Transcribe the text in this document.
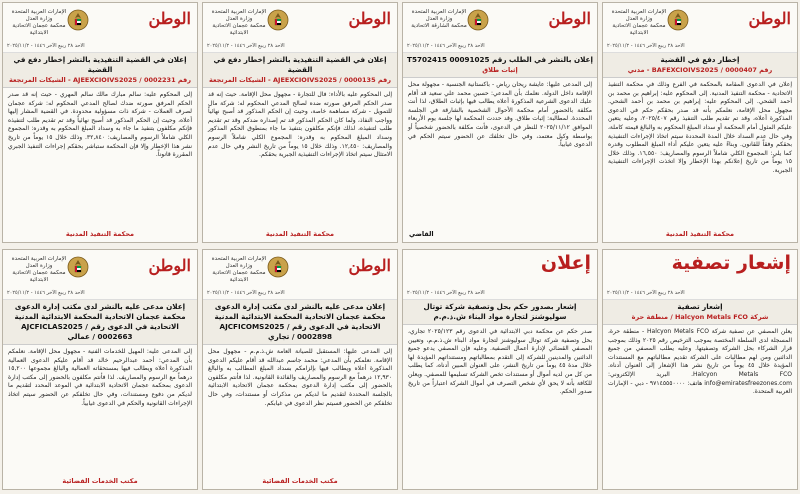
الوطن
الإمارات العربية المتحدة
وزارة العدل
محكمة عجمان الاتحادية الابتدائية
الاحد ٢٨ ربيع الآخر ١٤٤٦ - ٢٠٢٥/١١/٢
إخطار دفع في القضية
رقم BAFEXCIOIVS2025 / 0000407 - مدني

إعلان في الدعوى المقامة بالمحكمة في الفرع وذلك في محكمة التنفيذ الاتحادية - محكمة التنفيذ المدنية. إلى المحكوم عليه: إبراهيم بن محمد بن أحمد الشحي. إلى المحكوم عليه: إبراهيم بن محمد بن أحمد الشحي. مجهول محل الإقامة، نعلمكم بأنه قد صدر بحقكم حكم في الدعوى المذكورة أعلاه، وقد تم تقديم طلب التنفيذ رقم ٢٠٢٥/٤٠٧، وعليه يتعين عليكم المثول أمام المحكمة أو سداد المبلغ المحكوم به والبالغ قيمته كاملة، وفي حال عدم السداد خلال المدة المحددة سيتم اتخاذ الإجراءات التنفيذية بحقكم وفقاً للقانون. وبناءً عليه يتعين عليكم أداء المبلغ المطلوب وقدره كما يلي: المجموع الكلي شاملاً الرسوم والمصاريف: ١٦,٥٥٠. وذلك خلال ١٥ يوماً من تاريخ إعلانكم بهذا الإخطار وإلا اتخذت الإجراءات التنفيذية الجبرية.

محكمة التنفيذ المدنية
الوطن
الإمارات العربية المتحدة
وزارة العدل
محكمة الشارقة الاتحادية
الاحد ٢٨ ربيع الآخر ١٤٤٦ - ٢٠٢٥/١١/٢
إعلان بالنشر في الطلب رقم T5702415 00091025
إثبات طلاق

إلى المدعى عليها: عايشة ريحان رياض - باكستانية الجنسية - مجهولة محل الإقامة داخل الدولة. نعلمك بأن المدعي: حسين محمد علي سعيد قد أقام عليك الدعوى الشرعية المذكورة أعلاه يطالب فيها بإثبات الطلاق، لذا أنت مكلفة بالحضور أمام محكمة الأحوال الشخصية بالشارقة في الجلسة المحددة. لمطالبة: إثبات طلاق. وقد حددت المحكمة لها جلسة يوم الأربعاء الموافق ٢٠٢٥/١١/١٢ للنظر في الدعوى، فأنت مكلفة بالحضور شخصياً أو بواسطة وكيل معتمد، وفي حال تخلفك عن الحضور سيتم الحكم في الدعوى غيابياً.

القاضي
الوطن
الإمارات العربية المتحدة
وزارة العدل
محكمة عجمان الاتحادية الابتدائية
الاحد ٢٨ ربيع الآخر ١٤٤٦ - ٢٠٢٥/١١/٢
إعلان في القضية التنفيذية بالنشر إخطار دفع في القضية
رقم AJEEXCIOIVS2025 / 0000135 - الشيكات المرتجعة

إلى المحكوم عليه بالأداء: فال للتجارة - مجهول محل الإقامة. حيث إنه قد صدر الحكم المرفق صورته ضده لصالح المدعي المحكوم له: شركة مال للتمويل - شركة مساهمة خاصة، وحيث إن الحكم المذكور قد أصبح نهائياً وواجب النفاذ، ولما كان الحكم المذكور قد تم إصداره ضدكم وقد تم تقديم طلب لتنفيذه، لذلك فإنكم مكلفون بتنفيذ ما جاء بمنطوق الحكم المذكور وسداد المبلغ المحكوم به وقدره: المجموع الكلي شاملاً الرسوم والمصاريف: ١٢,٤٥٠. وذلك خلال ١٥ يوماً من تاريخ النشر وفي حال عدم الامتثال سيتم اتخاذ الإجراءات التنفيذية الجبرية بحقكم.

محكمة التنفيذ المدنية
الوطن
الإمارات العربية المتحدة
وزارة العدل
محكمة عجمان الاتحادية الابتدائية
الاحد ٢٨ ربيع الآخر ١٤٤٦ - ٢٠٢٥/١١/٢
إعلان في القضية التنفيذية بالنشر إخطار دفع في القضية
رقم AJEEXCIOIVS2025 / 0002231 - الشيكات المرتجعة

إلى المحكوم عليه: سالم مبارك مالك سالم المهري - حيث إنه قد صدر الحكم المرفق صورته ضدك لصالح المدعي المحكوم له: شركة عجمان لصرف العملات - شركة ذات مسؤولية محدودة. في القضية المشار إليها أعلاه، وحيث إن الحكم المذكور قد أصبح نهائياً وقد تم تقديم طلب لتنفيذه فإنكم مكلفون بتنفيذ ما جاء به وسداد المبلغ المحكوم به وقدره: المجموع الكلي شاملاً الرسوم والمصاريف: ٣٢,٨٤٠. وذلك خلال ١٥ يوماً من تاريخ نشر هذا الإخطار وإلا فإن المحكمة ستباشر بحقكم إجراءات التنفيذ الجبري المقررة قانوناً.

محكمة التنفيذ المدنية
إشعار تصفية
الاحد ٢٨ ربيع الآخر ١٤٤٦ - ٢٠٢٥/١١/٢
إشعار تصفية
شركة Halcyon Metals FCO / منطقة حرة

يعلن المصفي عن تصفية شركة Halcyon Metals FCO - منطقة حرة، المسجلة لدى السلطة المختصة بموجب الترخيص رقم ٢٠٢٥ وذلك بموجب قرار الشركاء بحل الشركة وتصفيتها. وعليه يطلب المصفي من جميع الدائنين ومن لهم مطالبات على الشركة تقديم مطالباتهم مع المستندات المؤيدة خلال ٤٥ يوماً من تاريخ نشر هذا الإشعار إلى العنوان أدناه. Halcyon Metals FCO. البريد الإلكتروني: info@emiratesfreezones.com هاتف: ٩٧١٤٥٥٥٠٠٠٠ - دبي - الإمارات العربية المتحدة.

إعلان
الاحد ٢٨ ربيع الآخر ١٤٤٦ - ٢٠٢٥/١١/٢
إشعار بصدور حكم بحل وتصفية شركة توتال سوليوشنز لتجارة مواد البناء ش.ذ.م.م

صدر حكم عن محكمة دبي الابتدائية في الدعوى رقم ٢٠٢٥/١٢٣ تجاري، بحل وتصفية شركة توتال سوليوشنز لتجارة مواد البناء ش.ذ.م.م، وتعيين المصفي القضائي لإدارة أعمال التصفية. وعليه فإن المصفي يدعو جميع الدائنين والمدينين للشركة إلى التقدم بمطالباتهم ومستنداتهم المؤيدة لها خلال مدة ٤٥ يوماً من تاريخ النشر، على العنوان المبين أدناه، كما يطلب من كل من لديه أموال أو مستندات تخص الشركة تسليمها للمصفي. ويعلن للكافة بأنه لا يحق لأي شخص التصرف في أموال الشركة اعتباراً من تاريخ صدور الحكم.

الوطن
الإمارات العربية المتحدة
وزارة العدل
محكمة عجمان الاتحادية الابتدائية
الاحد ٢٨ ربيع الآخر ١٤٤٦ - ٢٠٢٥/١١/٢
إعلان مدعى عليه بالنشر لدى مكتب إدارة الدعوى محكمة عجمان الاتحادية المحكمة الابتدائية المدنية الاتحادية في الدعوى رقم AJCFICOMS2025 / 0002898 / تجاري

إلى المدعى عليها: المستقبل للصيانة العامة ش.ذ.م.م - مجهول محل الإقامة. نعلمكم بأن المدعي: محمد جاسم عبدالله قد أقام عليكم الدعوى المذكورة أعلاه ويطالب فيها بإلزامكم بسداد المبلغ المطالب به والبالغ ١٢,٩٣٠ درهماً مع الرسوم والمصاريف والفائدة القانونية. لذا فأنتم مكلفون بالحضور إلى مكتب إدارة الدعوى بمحكمة عجمان الاتحادية الابتدائية بالجلسة المحددة لتقديم ما لديكم من مذكرات أو مستندات، وفي حال تخلفكم عن الحضور فسيتم نظر الدعوى في غيابكم.

مكتب الخدمات القضائية
الوطن
الإمارات العربية المتحدة
وزارة العدل
محكمة عجمان الاتحادية الابتدائية
الاحد ٢٨ ربيع الآخر ١٤٤٦ - ٢٠٢٥/١١/٢
إعلان مدعى عليه بالنشر لدى مكتب إدارة الدعوى محكمة عجمان الاتحادية المحكمة الابتدائية المدنية الاتحادية في الدعوى رقم AJCFICLAS2025 / 0002663 / عمالي

إلى المدعى عليه: المهيل للخدمات الفنية - مجهول محل الإقامة. نعلمكم بأن المدعي: أحمد عبدالرحيم خالد قد أقام عليكم الدعوى العمالية المذكورة أعلاه ويطالب فيها بمستحقاته العمالية والبالغ مجموعها ١٥,٢٠٠ درهماً مع الرسوم والمصاريف. لذا فأنتم مكلفون بالحضور إلى مكتب إدارة الدعوى بمحكمة عجمان الاتحادية الابتدائية في الموعد المحدد لتقديم ما لديكم من دفوع ومستندات، وفي حال تخلفكم عن الحضور سيتم اتخاذ الإجراءات القانونية والحكم في الدعوى غيابياً.

مكتب الخدمات القضائية
